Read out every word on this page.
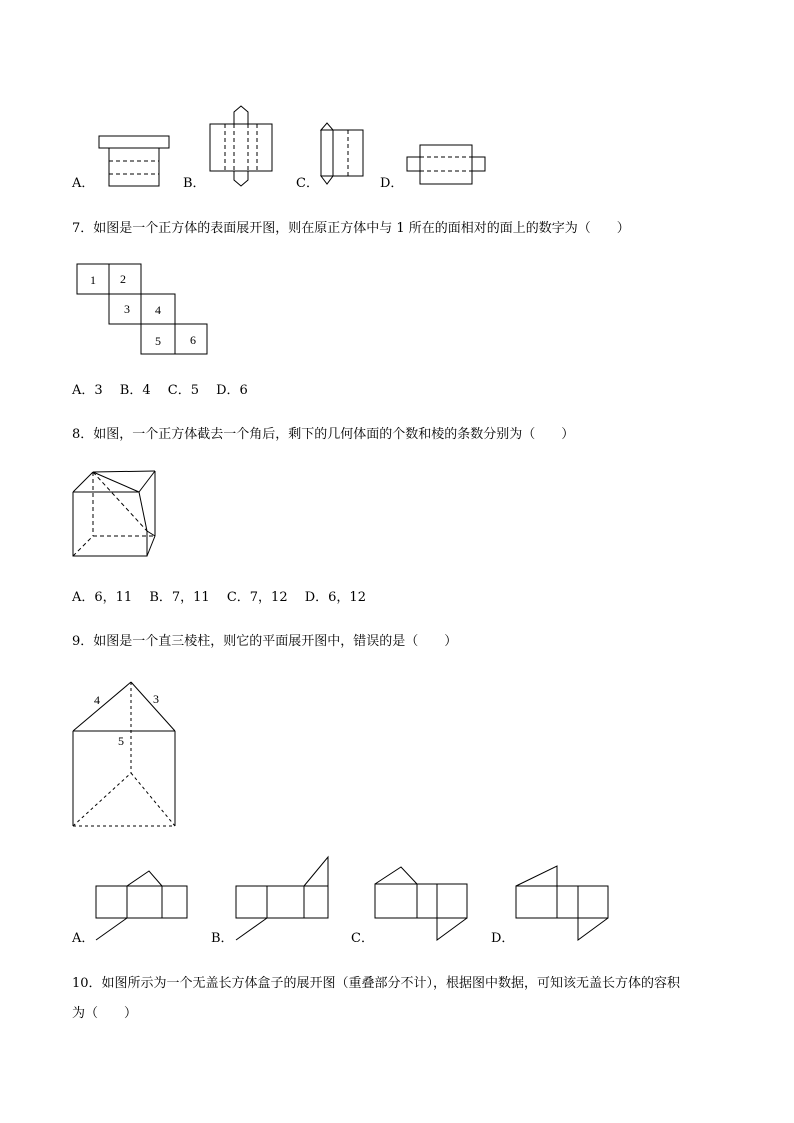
A．	B．	C．	D．
7．如图是一个正方体的表面展开图，则在原正方体中与 1 所在的面相对的面上的数字为（　　）
1 2
3 4
5 6
A．3　 B．4　 C．5　 D．6
8．如图，一个正方体截去一个角后，剩下的几何体面的个数和棱的条数分别为（　　）
A．6，11　 B．7，11　 C．7，12　 D．6，12
9．如图是一个直三棱柱，则它的平面展开图中，错误的是（　　）
4	3
5
A．	B．	C．	D．
10．如图所示为一个无盖长方体盒子的展开图（重叠部分不计），根据图中数据，可知该无盖长方体的容积
为（　　）
